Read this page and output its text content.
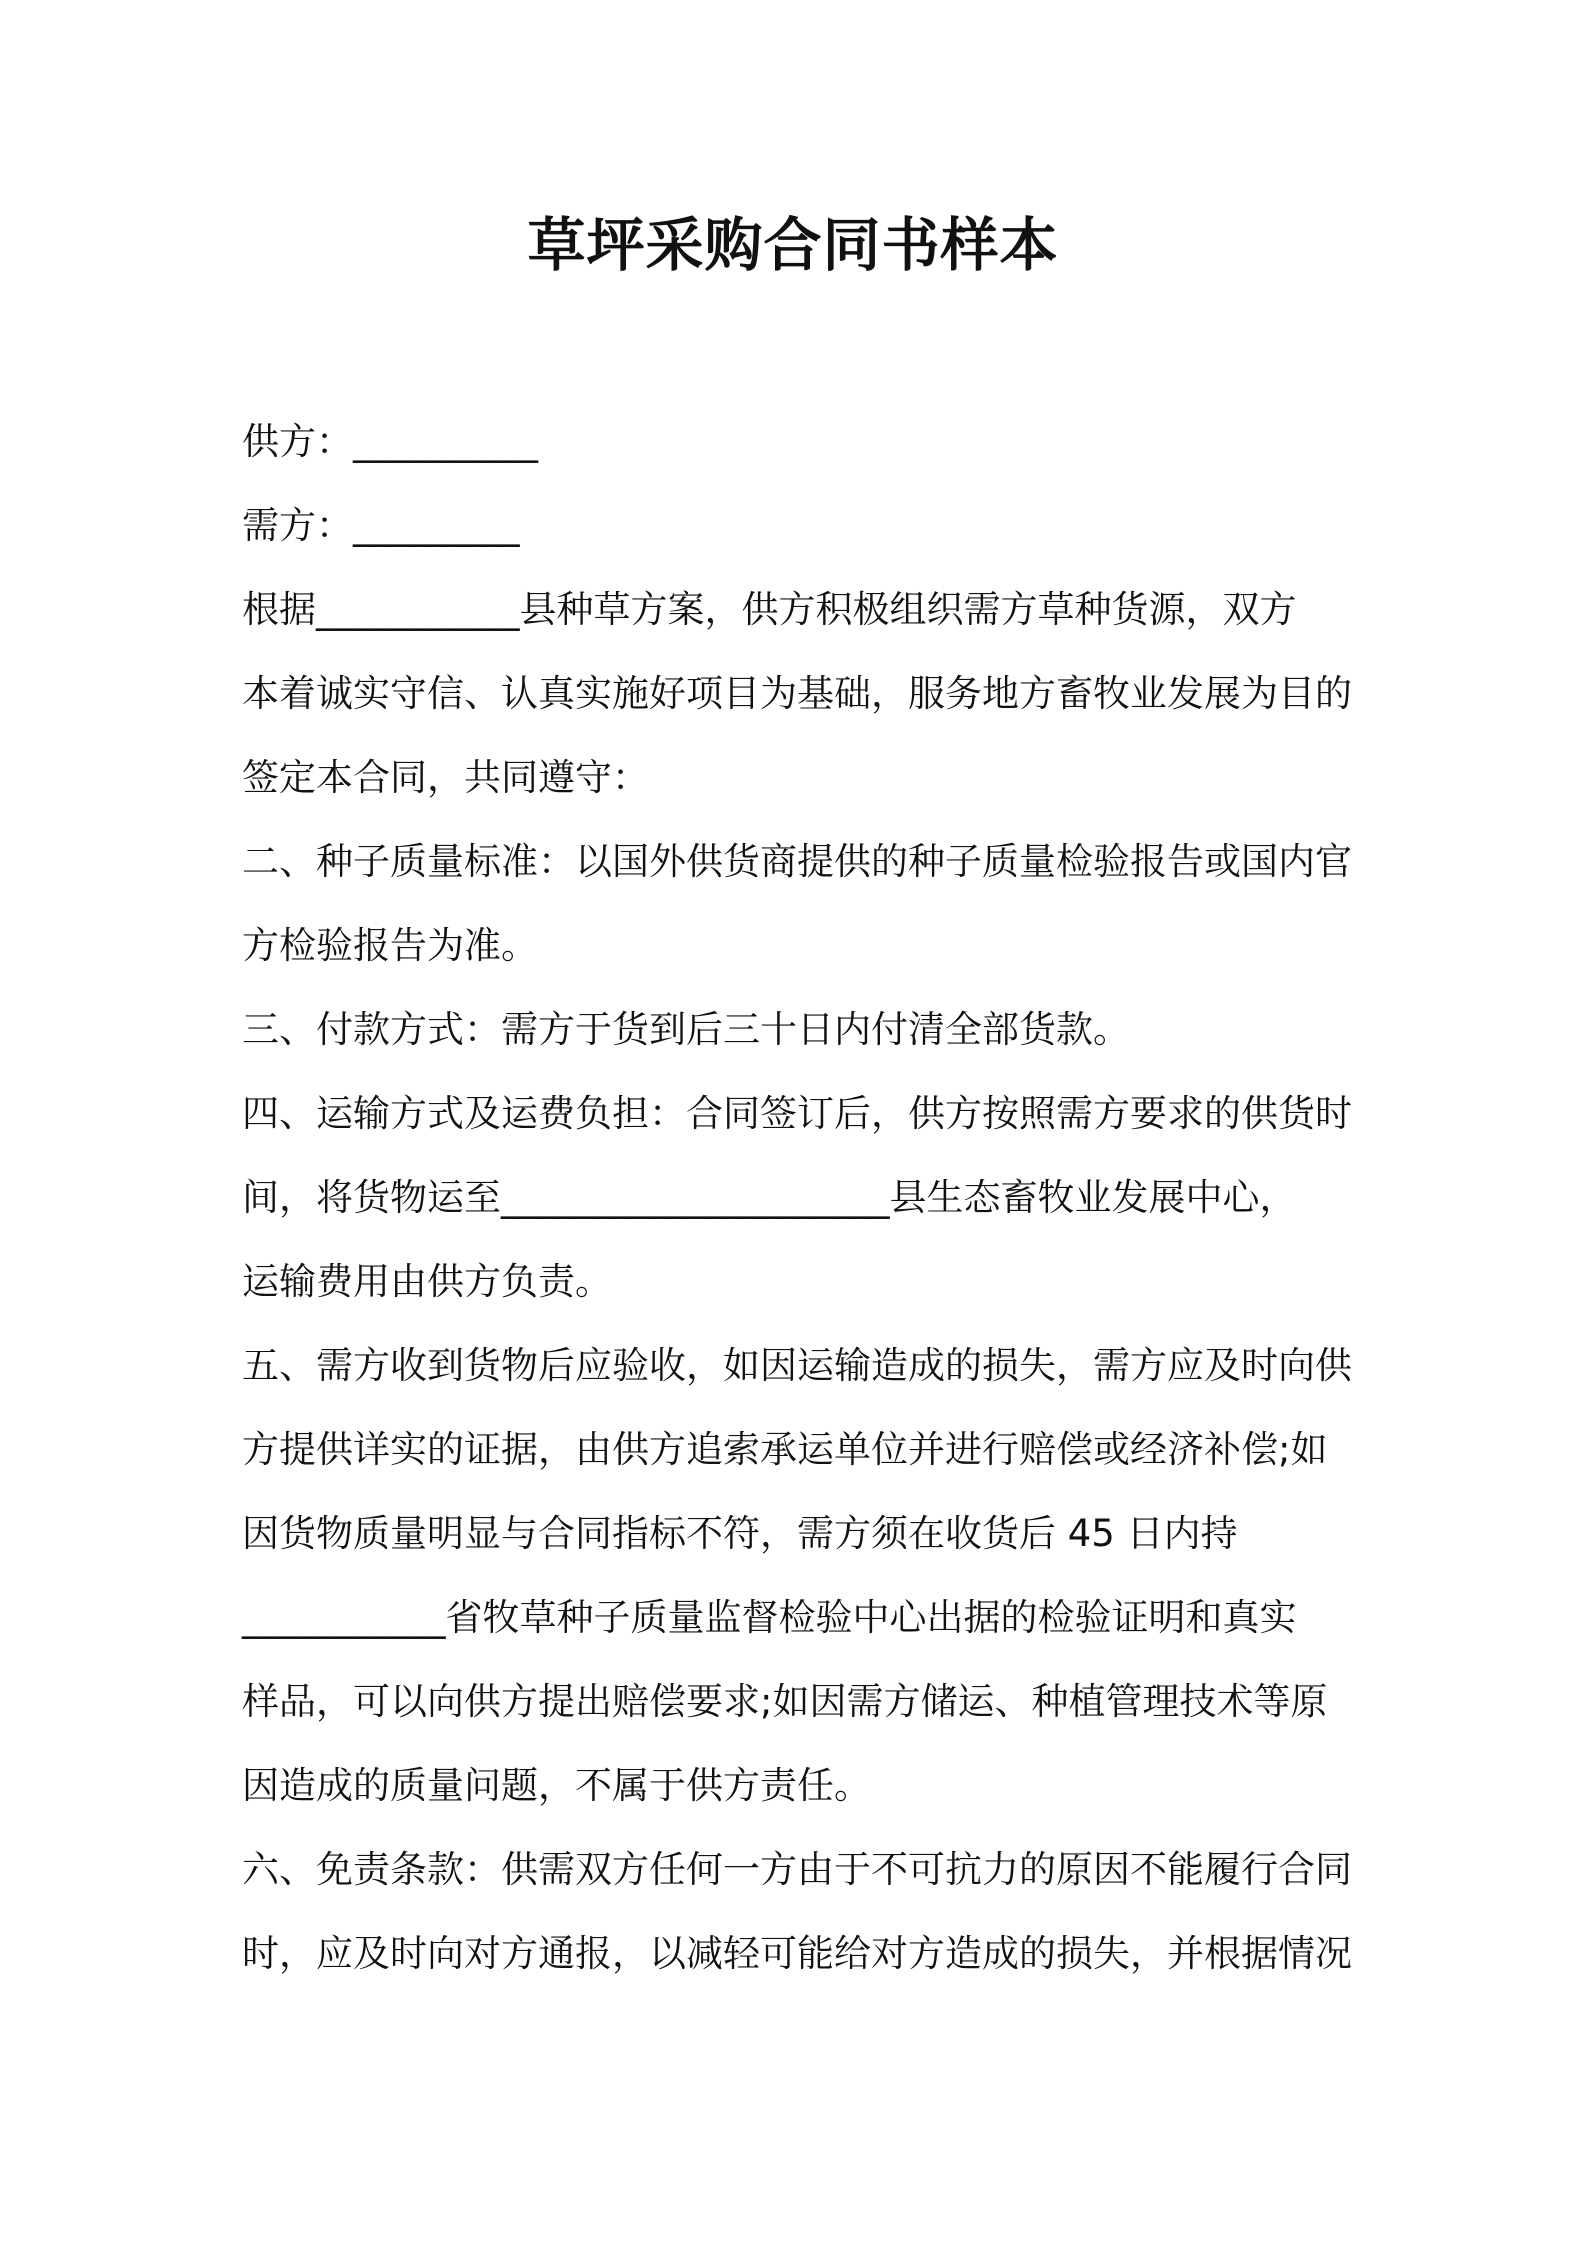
草坪采购合同书样本

供方：__________

需方：_________

根据___________县种草方案，供方积极组织需方草种货源，双方

本着诚实守信、认真实施好项目为基础，服务地方畜牧业发展为目的

签定本合同，共同遵守：

二、种子质量标准：以国外供货商提供的种子质量检验报告或国内官

方检验报告为准。

三、付款方式：需方于货到后三十日内付清全部货款。

四、运输方式及运费负担：合同签订后，供方按照需方要求的供货时

间，将货物运至_____________________县生态畜牧业发展中心，

运输费用由供方负责。

五、需方收到货物后应验收，如因运输造成的损失，需方应及时向供

方提供详实的证据，由供方追索承运单位并进行赔偿或经济补偿;如

因货物质量明显与合同指标不符，需方须在收货后 45 日内持

___________省牧草种子质量监督检验中心出据的检验证明和真实

样品，可以向供方提出赔偿要求;如因需方储运、种植管理技术等原

因造成的质量问题，不属于供方责任。

六、免责条款：供需双方任何一方由于不可抗力的原因不能履行合同

时，应及时向对方通报，以减轻可能给对方造成的损失，并根据情况
